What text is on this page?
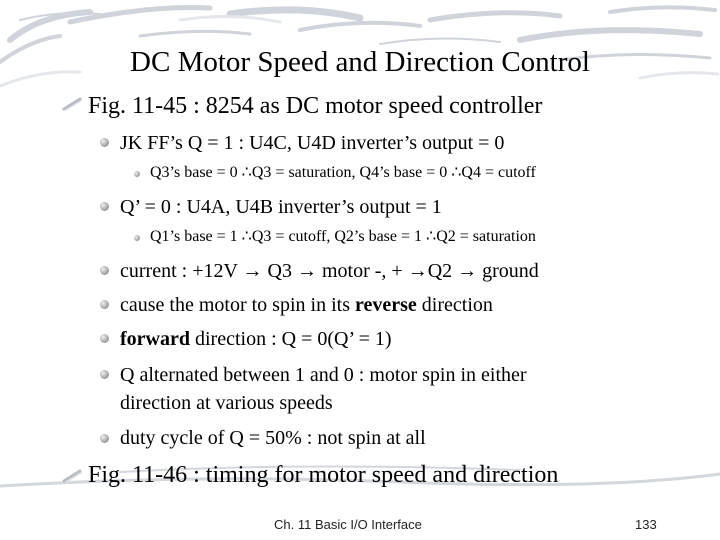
DC Motor Speed and Direction Control
Fig. 11-45 : 8254 as DC motor speed controller
JK FF’s Q = 1 : U4C, U4D inverter’s output = 0
Q3’s base = 0 ∴Q3 = saturation, Q4’s base = 0 ∴Q4 = cutoff
Q’ = 0 : U4A, U4B inverter’s output = 1
Q1’s base = 1 ∴Q3 = cutoff, Q2’s base = 1 ∴Q2 = saturation
current : +12V → Q3 → motor -, + →Q2 → ground
cause the motor to spin in its reverse direction
forward direction : Q = 0(Q’ = 1)
Q alternated between 1 and 0 : motor spin in either
direction at various speeds
duty cycle of Q = 50% : not spin at all
Fig. 11-46 : timing for motor speed and direction
Ch. 11 Basic I/O Interface	133
